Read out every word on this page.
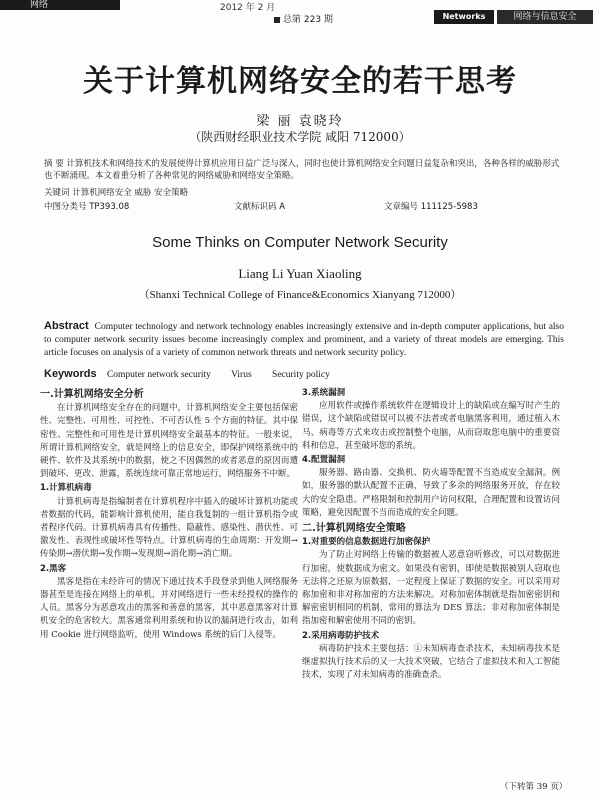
网络	2012 年 2 月
总第 223 期	Networks	网络与信息安全
关于计算机网络安全的若干思考
梁 丽 袁晓玲
（陕西财经职业技术学院 咸阳 712000）
摘 要 计算机技术和网络技术的发展使得计算机应用日益广泛与深入，同时也使计算机网络安全问题日益复杂和突出，各种各样的威胁形式也不断涌现。本文着重分析了各种常见的网络威胁和网络安全策略。
关键词 计算机网络安全 威胁 安全策略
中图分类号 TP393.08	文献标识码 A	文章编号 111125-5983
Some Thinks on Computer Network Security
Liang Li Yuan Xiaoling
（Shanxi Technical College of Finance&Economics Xianyang 712000）
Abstract Computer technology and network technology enables increasingly extensive and in-depth computer applications, but also to computer network security issues become increasingly complex and prominent, and a variety of threat models are emerging. This article focuses on analysis of a variety of common network threats and network security policy.
Keywords Computer network security Virus Security policy
一.计算机网络安全分析

在计算机网络安全存在的问题中，计算机网络安全主要包括保密性、完整性、可用性、可控性、不可否认性 5 个方面的特征。其中保密性、完整性和可用性是计算机网络安全最基本的特征。一般来说，所谓计算机网络安全，就是网络上的信息安全，即保护网络系统中的硬件、软件及其系统中的数据，使之不因偶然的或者恶意的原因而遭到破坏、更改、泄露，系统连续可靠正常地运行，网络服务不中断。

1.计算机病毒

计算机病毒是指编制者在计算机程序中插入的破坏计算机功能或者数据的代码，能影响计算机使用，能自我复制的一组计算机指令或者程序代码。计算机病毒具有传播性、隐蔽性、感染性、潜伏性、可激发性、表现性或破坏性等特点。计算机病毒的生命周期：开发期→传染期→潜伏期→发作期→发现期→消化期→消亡期。

2.黑客

黑客是指在未经许可的情况下通过技术手段登录到他人网络服务器甚至是连接在网络上的单机，并对网络进行一些未经授权的操作的人员。黑客分为恶意攻击的黑客和善意的黑客，其中恶意黑客对计算机安全的危害较大。黑客通常利用系统和协议的漏洞进行攻击，如利用 Cookie 进行网络监听，使用 Windows 系统的后门入侵等。

3.系统漏洞

应用软件或操作系统软件在逻辑设计上的缺陷或在编写时产生的错误，这个缺陷或错误可以被不法者或者电脑黑客利用，通过植入木马、病毒等方式来攻击或控制整个电脑，从而窃取您电脑中的重要资料和信息，甚至破坏您的系统。

4.配置漏洞

服务器、路由器、交换机、防火墙等配置不当造成安全漏洞。例如，服务器的默认配置不正确，导致了多余的网络服务开放，存在较大的安全隐患。严格限制和控制用户访问权限，合理配置和设置访问策略，避免因配置不当而造成的安全问题。

二.计算机网络安全策略
1.对重要的信息数据进行加密保护

为了防止对网络上传输的数据被人恶意窃听修改，可以对数据进行加密，使数据成为密文。如果没有密钥，即使是数据被别人窃取也无法将之还原为原数据，一定程度上保证了数据的安全。可以采用对称加密和非对称加密的方法来解决。对称加密体制就是指加密密钥和解密密钥相同的机制，常用的算法为 DES 算法；非对称加密体制是指加密和解密使用不同的密钥。

2.采用病毒防护技术

病毒防护技术主要包括：①未知病毒查杀技术，未知病毒技术是继虚拟执行技术后的又一大技术突破，它结合了虚拟技术和人工智能技术，实现了对未知病毒的准确查杀。

（下转第 39 页）
